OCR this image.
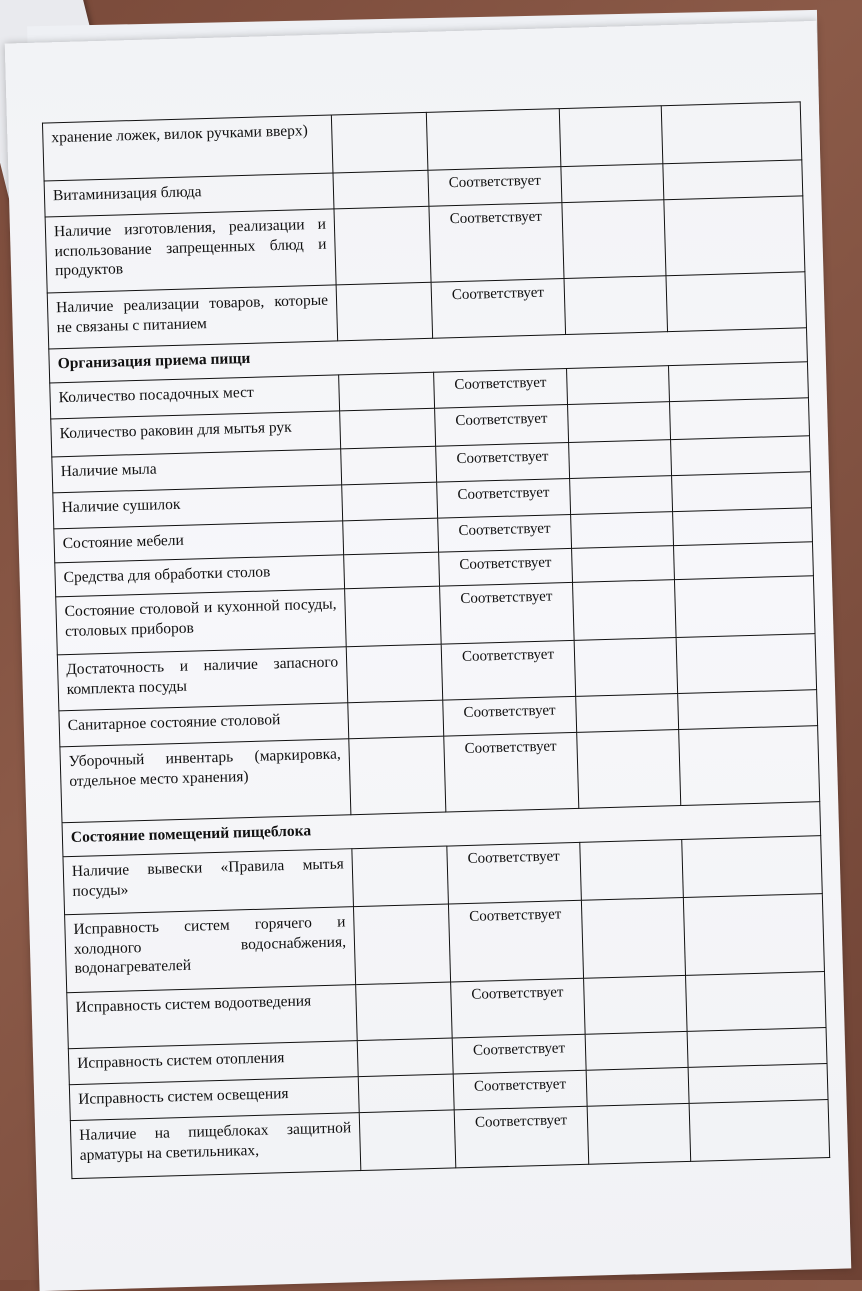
хранение ложек, вилок ручками вверх)				
Витаминизация блюда		Соответствует		
Наличие изготовления, реализации и использование запрещенных блюд и продуктов		Соответствует		
Наличие реализации товаров, которые не связаны с питанием		Соответствует		
Организация приема пищи				
Количество посадочных мест		Соответствует		
Количество раковин для мытья рук		Соответствует		
Наличие мыла		Соответствует		
Наличие сушилок		Соответствует		
Состояние мебели		Соответствует		
Средства для обработки столов		Соответствует		
Состояние столовой и кухонной посуды, столовых приборов		Соответствует		
Достаточность и наличие запасного комплекта посуды		Соответствует		
Санитарное состояние столовой		Соответствует		
Уборочный инвентарь (маркировка, отдельное место хранения)		Соответствует		
Состояние помещений пищеблока				
Наличие вывески «Правила мытья посуды»		Соответствует		
Исправность систем горячего и холодного водоснабжения, водонагревателей		Соответствует		
Исправность систем водоотведения		Соответствует		
Исправность систем отопления		Соответствует		
Исправность систем освещения		Соответствует		
Наличие на пищеблоках защитной арматуры на светильниках,		Соответствует		
